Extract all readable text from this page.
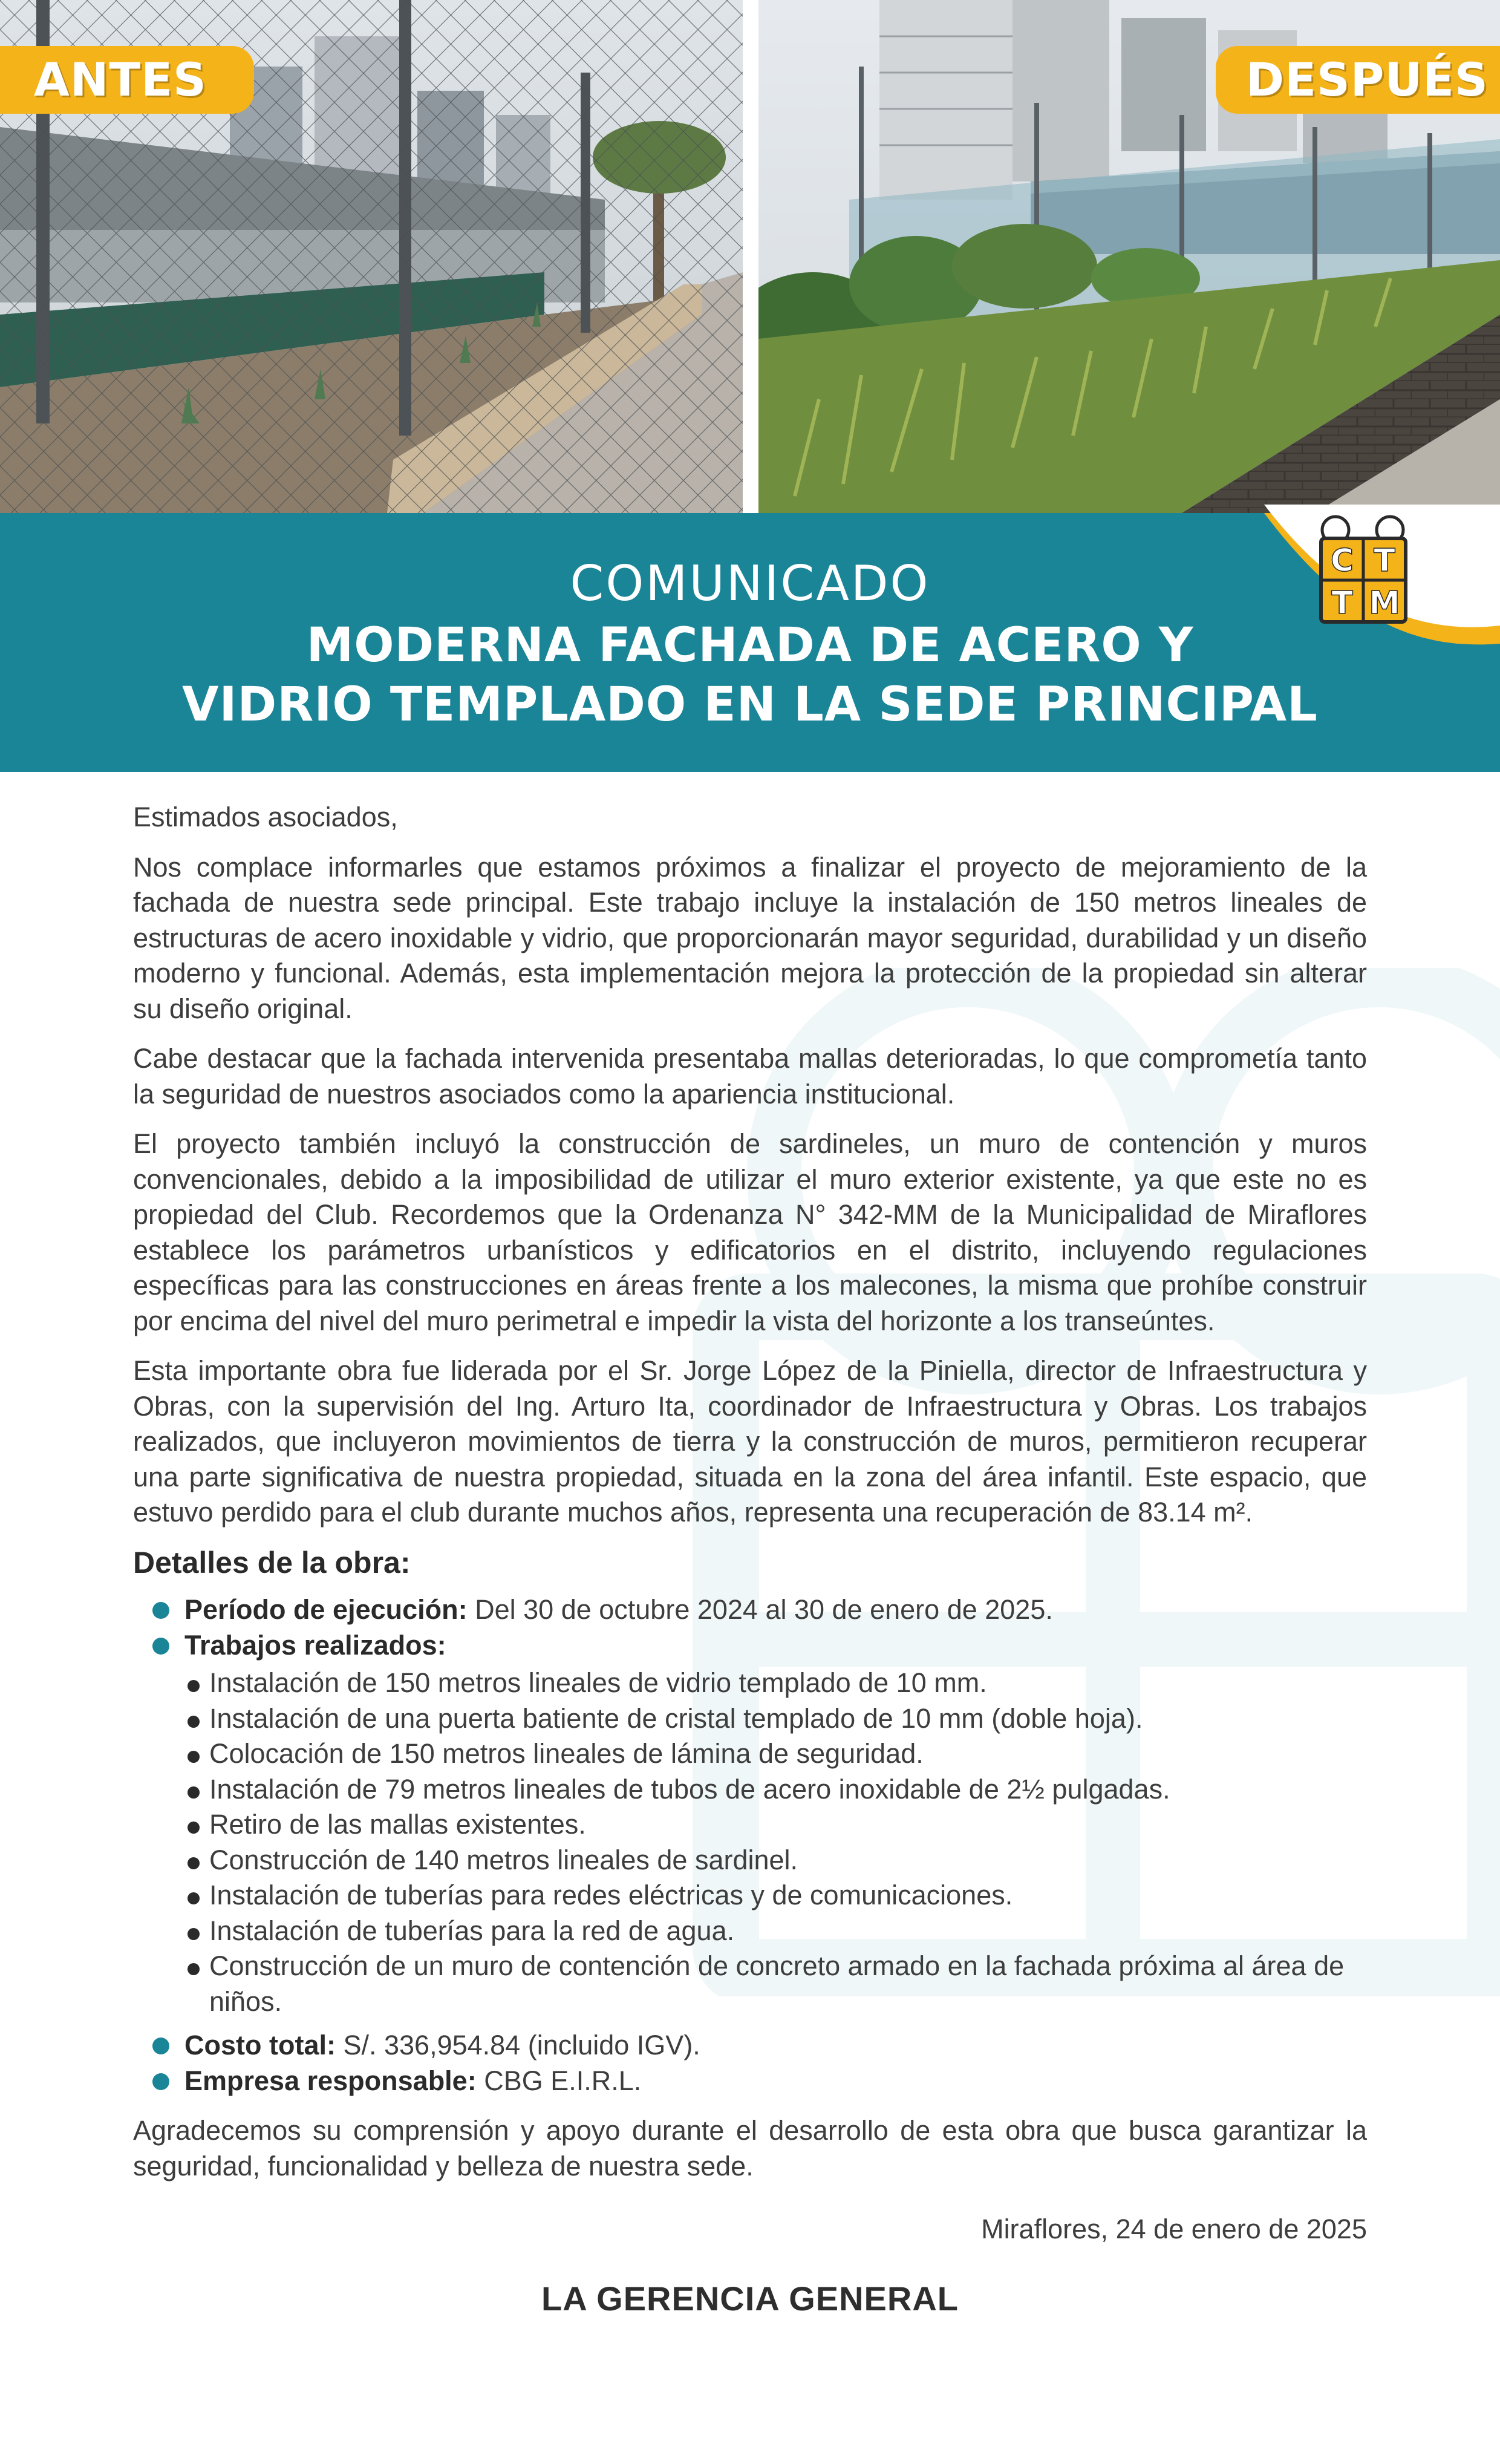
ANTES	DESPUÉS
COMUNICADO
MODERNA FACHADA DE ACERO Y
VIDRIO TEMPLADO EN LA SEDE PRINCIPAL
C T
T M

Estimados asociados,

Nos complace informarles que estamos próximos a finalizar el proyecto de mejoramiento de la fachada de nuestra sede principal. Este trabajo incluye la instalación de 150 metros lineales de estructuras de acero inoxidable y vidrio, que proporcionarán mayor seguridad, durabilidad y un diseño moderno y funcional. Además, esta implementación mejora la protección de la propiedad sin alterar su diseño original.

Cabe destacar que la fachada intervenida presentaba mallas deterioradas, lo que comprometía tanto la seguridad de nuestros asociados como la apariencia institucional.

El proyecto también incluyó la construcción de sardineles, un muro de contención y muros convencionales, debido a la imposibilidad de utilizar el muro exterior existente, ya que este no es propiedad del Club. Recordemos que la Ordenanza N° 342-MM de la Municipalidad de Miraflores establece los parámetros urbanísticos y edificatorios en el distrito, incluyendo regulaciones específicas para las construcciones en áreas frente a los malecones, la misma que prohíbe construir por encima del nivel del muro perimetral e impedir la vista del horizonte a los transeúntes.

Esta importante obra fue liderada por el Sr. Jorge López de la Piniella, director de Infraestructura y Obras, con la supervisión del Ing. Arturo Ita, coordinador de Infraestructura y Obras. Los trabajos realizados, que incluyeron movimientos de tierra y la construcción de muros, permitieron recuperar una parte significativa de nuestra propiedad, situada en la zona del área infantil. Este espacio, que estuvo perdido para el club durante muchos años, representa una recuperación de 83.14 m².

Detalles de la obra:
Período de ejecución: Del 30 de octubre 2024 al 30 de enero de 2025.
Trabajos realizados:
Instalación de 150 metros lineales de vidrio templado de 10 mm.
Instalación de una puerta batiente de cristal templado de 10 mm (doble hoja).
Colocación de 150 metros lineales de lámina de seguridad.
Instalación de 79 metros lineales de tubos de acero inoxidable de 2½ pulgadas.
Retiro de las mallas existentes.
Construcción de 140 metros lineales de sardinel.
Instalación de tuberías para redes eléctricas y de comunicaciones.
Instalación de tuberías para la red de agua.
Construcción de un muro de contención de concreto armado en la fachada próxima al área de niños.
Costo total: S/. 336,954.84 (incluido IGV).
Empresa responsable: CBG E.I.R.L.

Agradecemos su comprensión y apoyo durante el desarrollo de esta obra que busca garantizar la seguridad, funcionalidad y belleza de nuestra sede.

Miraflores, 24 de enero de 2025

LA GERENCIA GENERAL
